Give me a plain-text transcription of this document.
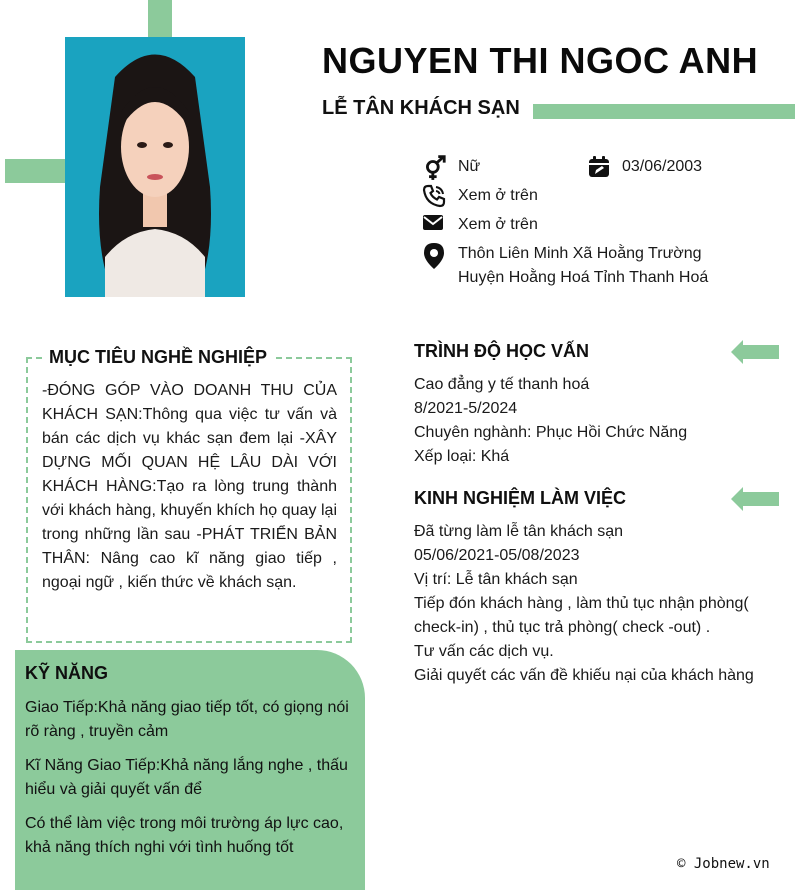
NGUYEN THI NGOC ANH
LỄ TÂN KHÁCH SẠN
Nữ	03/06/2003
Xem ở trên
Xem ở trên
Thôn Liên Minh Xã Hoằng Trường
Huyện Hoằng Hoá Tỉnh Thanh Hoá
MỤC TIÊU NGHỀ NGHIỆP
-ĐÓNG GÓP VÀO DOANH THU CỦA KHÁCH SẠN:Thông qua việc tư vấn và bán các dịch vụ khác sạn đem lại -XÂY DỰNG MỐI QUAN HỆ LÂU DÀI VỚI KHÁCH HÀNG:Tạo ra lòng trung thành với khách hàng, khuyến khích họ quay lại trong những lần sau -PHÁT TRIỂN BẢN THÂN: Nâng cao kĩ năng giao tiếp , ngoại ngữ , kiến thức về khách sạn.
KỸ NĂNG
Giao Tiếp:Khả năng giao tiếp tốt, có giọng nói rõ ràng , truyền cảm
Kĩ Năng Giao Tiếp:Khả năng lắng nghe , thấu hiểu và giải quyết vấn để
Có thể làm việc trong môi trường áp lực cao, khả năng thích nghi với tình huống tốt
TRÌNH ĐỘ HỌC VẤN
Cao đẳng y tế thanh hoá
8/2021-5/2024
Chuyên nghành: Phục Hồi Chức Năng
Xếp loại: Khá
KINH NGHIỆM LÀM VIỆC
Đã từng làm lễ tân khách sạn
05/06/2021-05/08/2023
Vị trí: Lễ tân khách sạn
Tiếp đón khách hàng , làm thủ tục nhận phòng( check-in) , thủ tục trả phòng( check -out) .
Tư vấn các dịch vụ.
Giải quyết các vấn đề khiếu nại của khách hàng
© Jobnew.vn
